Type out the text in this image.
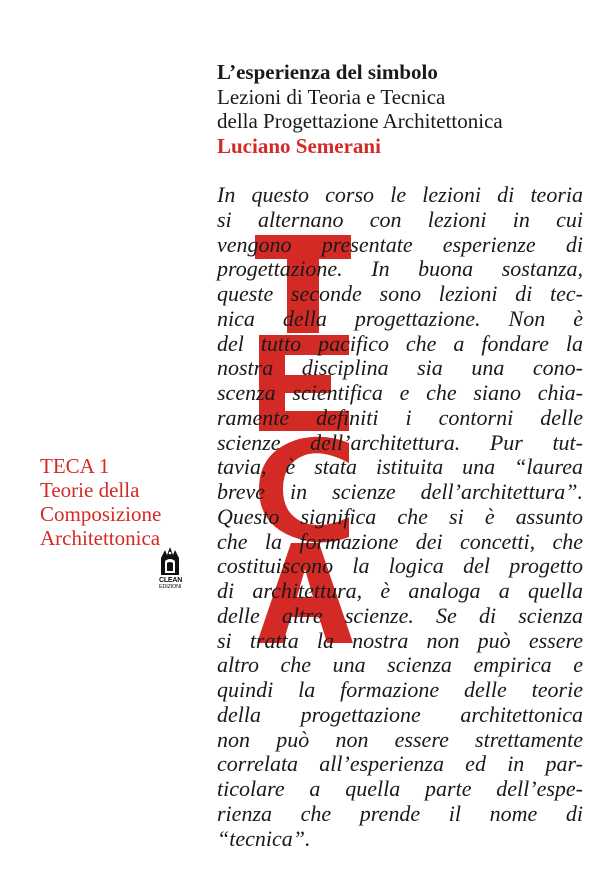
L’esperienza del simbolo
Lezioni di Teoria e Tecnica
della Progettazione Architettonica
Luciano Semerani

In questo corso le lezioni di teoria
si alternano con lezioni in cui
vengono presentate esperienze di
progettazione. In buona sostanza,
queste seconde sono lezioni di tec-
nica della progettazione. Non è
del tutto pacifico che a fondare la
nostra disciplina sia una cono-
scenza scientifica e che siano chia-
ramente definiti i contorni delle
scienze dell’architettura. Pur tut-
tavia, è stata istituita una “laurea
breve in scienze dell’architettura”.
Questo significa che si è assunto
che la formazione dei concetti, che
costituiscono la logica del progetto
di architettura, è analoga a quella
delle altre scienze. Se di scienza
si tratta la nostra non può essere
altro che una scienza empirica e
quindi la formazione delle teorie
della progettazione architettonica
non può non essere strettamente
correlata all’esperienza ed in par-
ticolare a quella parte dell’espe-
rienza che prende il nome di
“tecnica”.

TECA 1
Teorie della
Composizione
Architettonica
CLEAN
EDIZIONI
